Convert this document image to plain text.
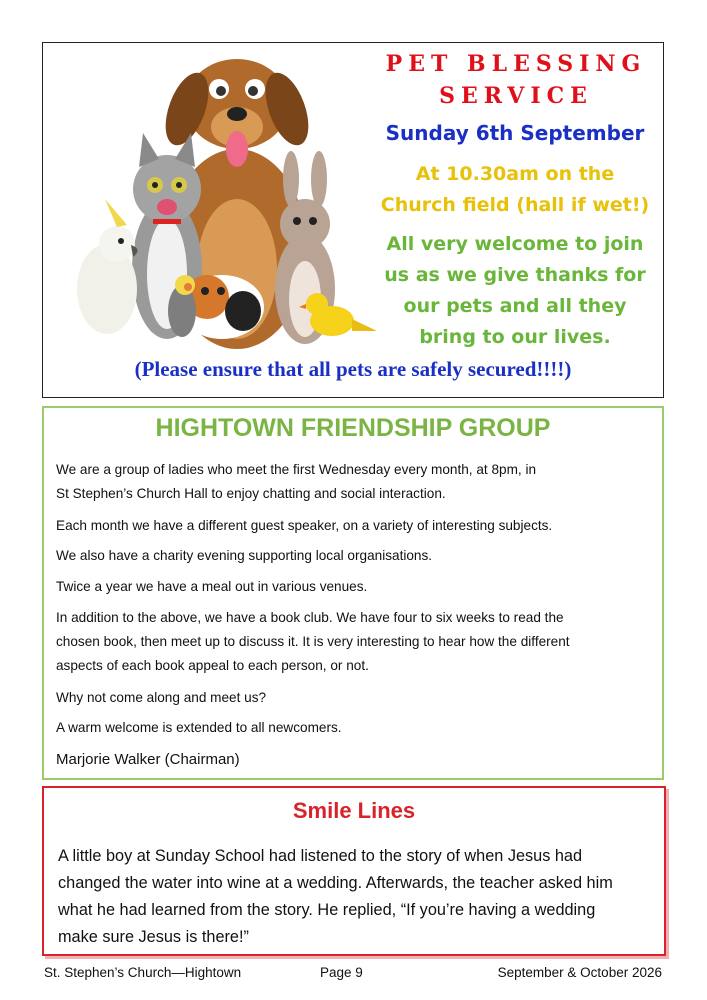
PET BLESSING
SERVICE
Sunday 6th September
At 10.30am on the
Church field (hall if wet!)
All very welcome to join
us as we give thanks for
our pets and all they
bring to our lives.
(Please ensure that all pets are safely secured!!!!)
HIGHTOWN FRIENDSHIP GROUP
We are a group of ladies who meet the first Wednesday every month, at 8pm, in
St Stephen’s Church Hall to enjoy chatting and social interaction.
Each month we have a different guest speaker, on a variety of interesting subjects.
We also have a charity evening supporting local organisations.
Twice a year we have a meal out in various venues.
In addition to the above, we have a book club. We have four to six weeks to read the
chosen book, then meet up to discuss it. It is very interesting to hear how the different
aspects of each book appeal to each person, or not.
Why not come along and meet us?
A warm welcome is extended to all newcomers.
Marjorie Walker (Chairman)
Smile Lines
A little boy at Sunday School had listened to the story of when Jesus had
changed the water into wine at a wedding. Afterwards, the teacher asked him
what he had learned from the story. He replied, “If you’re having a wedding
make sure Jesus is there!”
St. Stephen’s Church—Hightown	Page 9	September & October 2026
